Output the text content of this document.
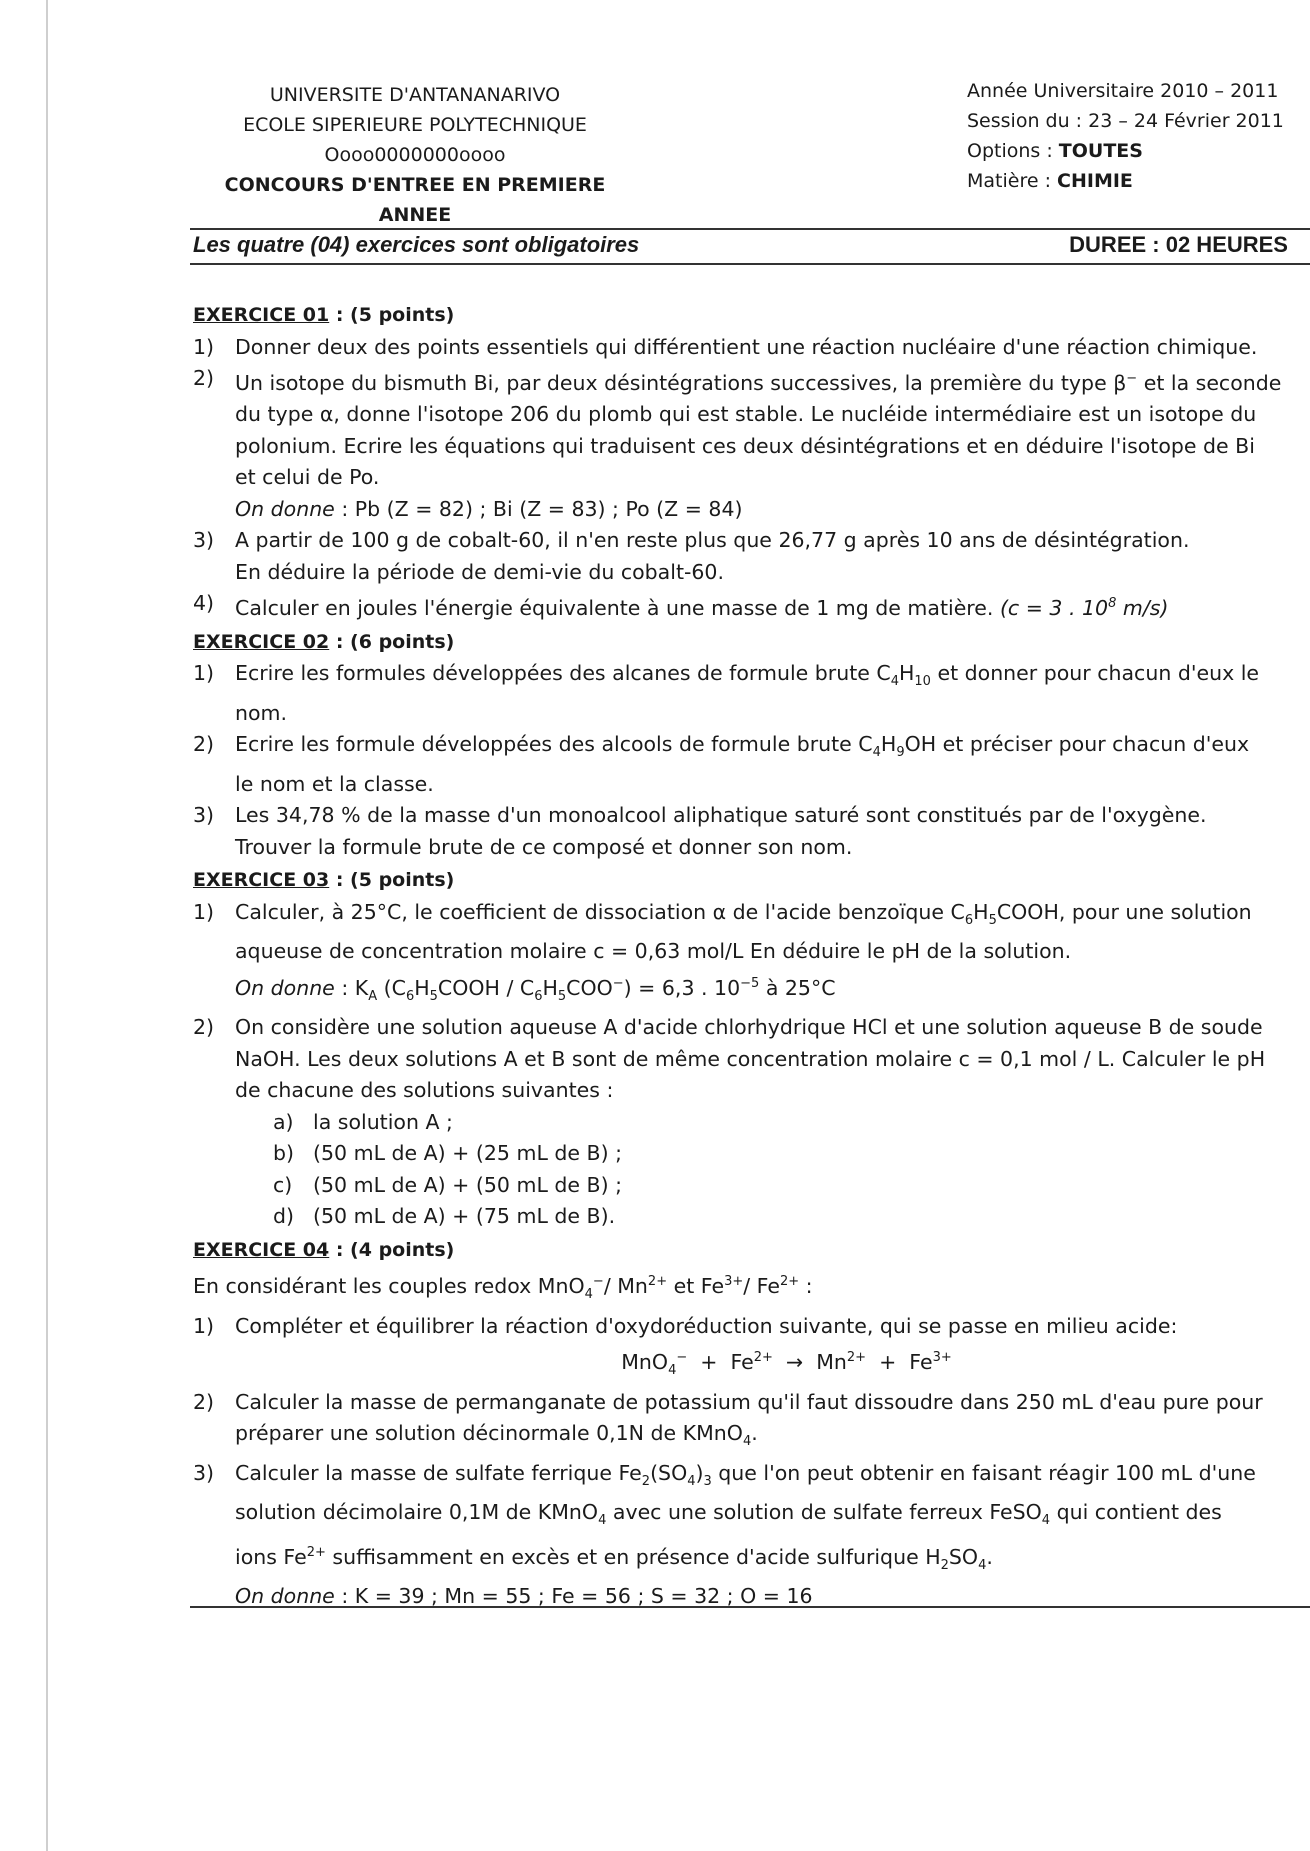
UNIVERSITE D'ANTANANARIVO
ECOLE SIPERIEURE POLYTECHNIQUE
Oooo0000000oooo
CONCOURS D'ENTREE EN PREMIERE ANNEE
Année Universitaire 2010 – 2011
Session du : 23 – 24 Février 2011
Options : TOUTES
Matière : CHIMIE
Les quatre (04) exercices sont obligatoires	DUREE : 02 HEURES
EXERCICE 01 : (5 points)
1)	Donner deux des points essentiels qui différentient une réaction nucléaire d'une réaction chimique.
2)	Un isotope du bismuth Bi, par deux désintégrations successives, la première du type β− et la seconde
du type α, donne l'isotope 206 du plomb qui est stable. Le nucléide intermédiaire est un isotope du
polonium. Ecrire les équations qui traduisent ces deux désintégrations et en déduire l'isotope de Bi
et celui de Po.
On donne : Pb (Z = 82) ; Bi (Z = 83) ; Po (Z = 84)
3)	A partir de 100 g de cobalt-60, il n'en reste plus que 26,77 g après 10 ans de désintégration.
En déduire la période de demi-vie du cobalt-60.
4)	Calculer en joules l'énergie équivalente à une masse de 1 mg de matière. (c = 3 . $10^8$ m/s)
EXERCICE 02 : (6 points)
1)	Ecrire les formules développées des alcanes de formule brute $C_4H_{10}$ et donner pour chacun d'eux le
nom.
2)	Ecrire les formule développées des alcools de formule brute $C_4H_9OH$ et préciser pour chacun d'eux
le nom et la classe.
3)	Les 34,78 % de la masse d'un monoalcool aliphatique saturé sont constitués par de l'oxygène.
Trouver la formule brute de ce composé et donner son nom.
EXERCICE 03 : (5 points)
1)	Calculer, à 25°C, le coefficient de dissociation α de l'acide benzoïque $C_6H_5COOH$, pour une solution
aqueuse de concentration molaire c = 0,63 mol/L En déduire le pH de la solution.
On donne : $K_A$ $(C_6H_5COOH / C_6H_5COO^-) = 6,3$ . $10^{-5}$ à 25°C
2)	On considère une solution aqueuse A d'acide chlorhydrique HCl et une solution aqueuse B de soude
NaOH. Les deux solutions A et B sont de même concentration molaire c = 0,1 mol / L. Calculer le pH
de chacune des solutions suivantes :
a) la solution A ;
b) (50 mL de A) + (25 mL de B) ;
c)	(50 mL de A) + (50 mL de B) ;
d) (50 mL de A) + (75 mL de B).
EXERCICE 04 : (4 points)
En considérant les couples redox MnO$_4$−/ $Mn^{2+}$ et $Fe^{3+}/$ $Fe^{2+}$ :
1)	Compléter et équilibrer la réaction d'oxydoréduction suivante, qui se passe en milieu acide:
$MnO_4^- + Fe^{2+} \to Mn^{2+} + Fe^{3+}$
2)	Calculer la masse de permanganate de potassium qu'il faut dissoudre dans 250 mL d'eau pure pour
préparer une solution décinormale 0,1N de KMnO$_4$.
3)	Calculer la masse de sulfate ferrique $Fe_2(SO_4)_3$ que l'on peut obtenir en faisant réagir 100 mL d'une
solution décimolaire 0,1M de KMnO$_4$ avec une solution de sulfate ferreux FeSO$_4$ qui contient des
ions $Fe^{2+}$ suffisamment en excès et en présence d'acide sulfurique $H_2SO_4$.
On donne : K = 39 ; Mn = 55 ; Fe = 56 ; S = 32 ; O = 16
